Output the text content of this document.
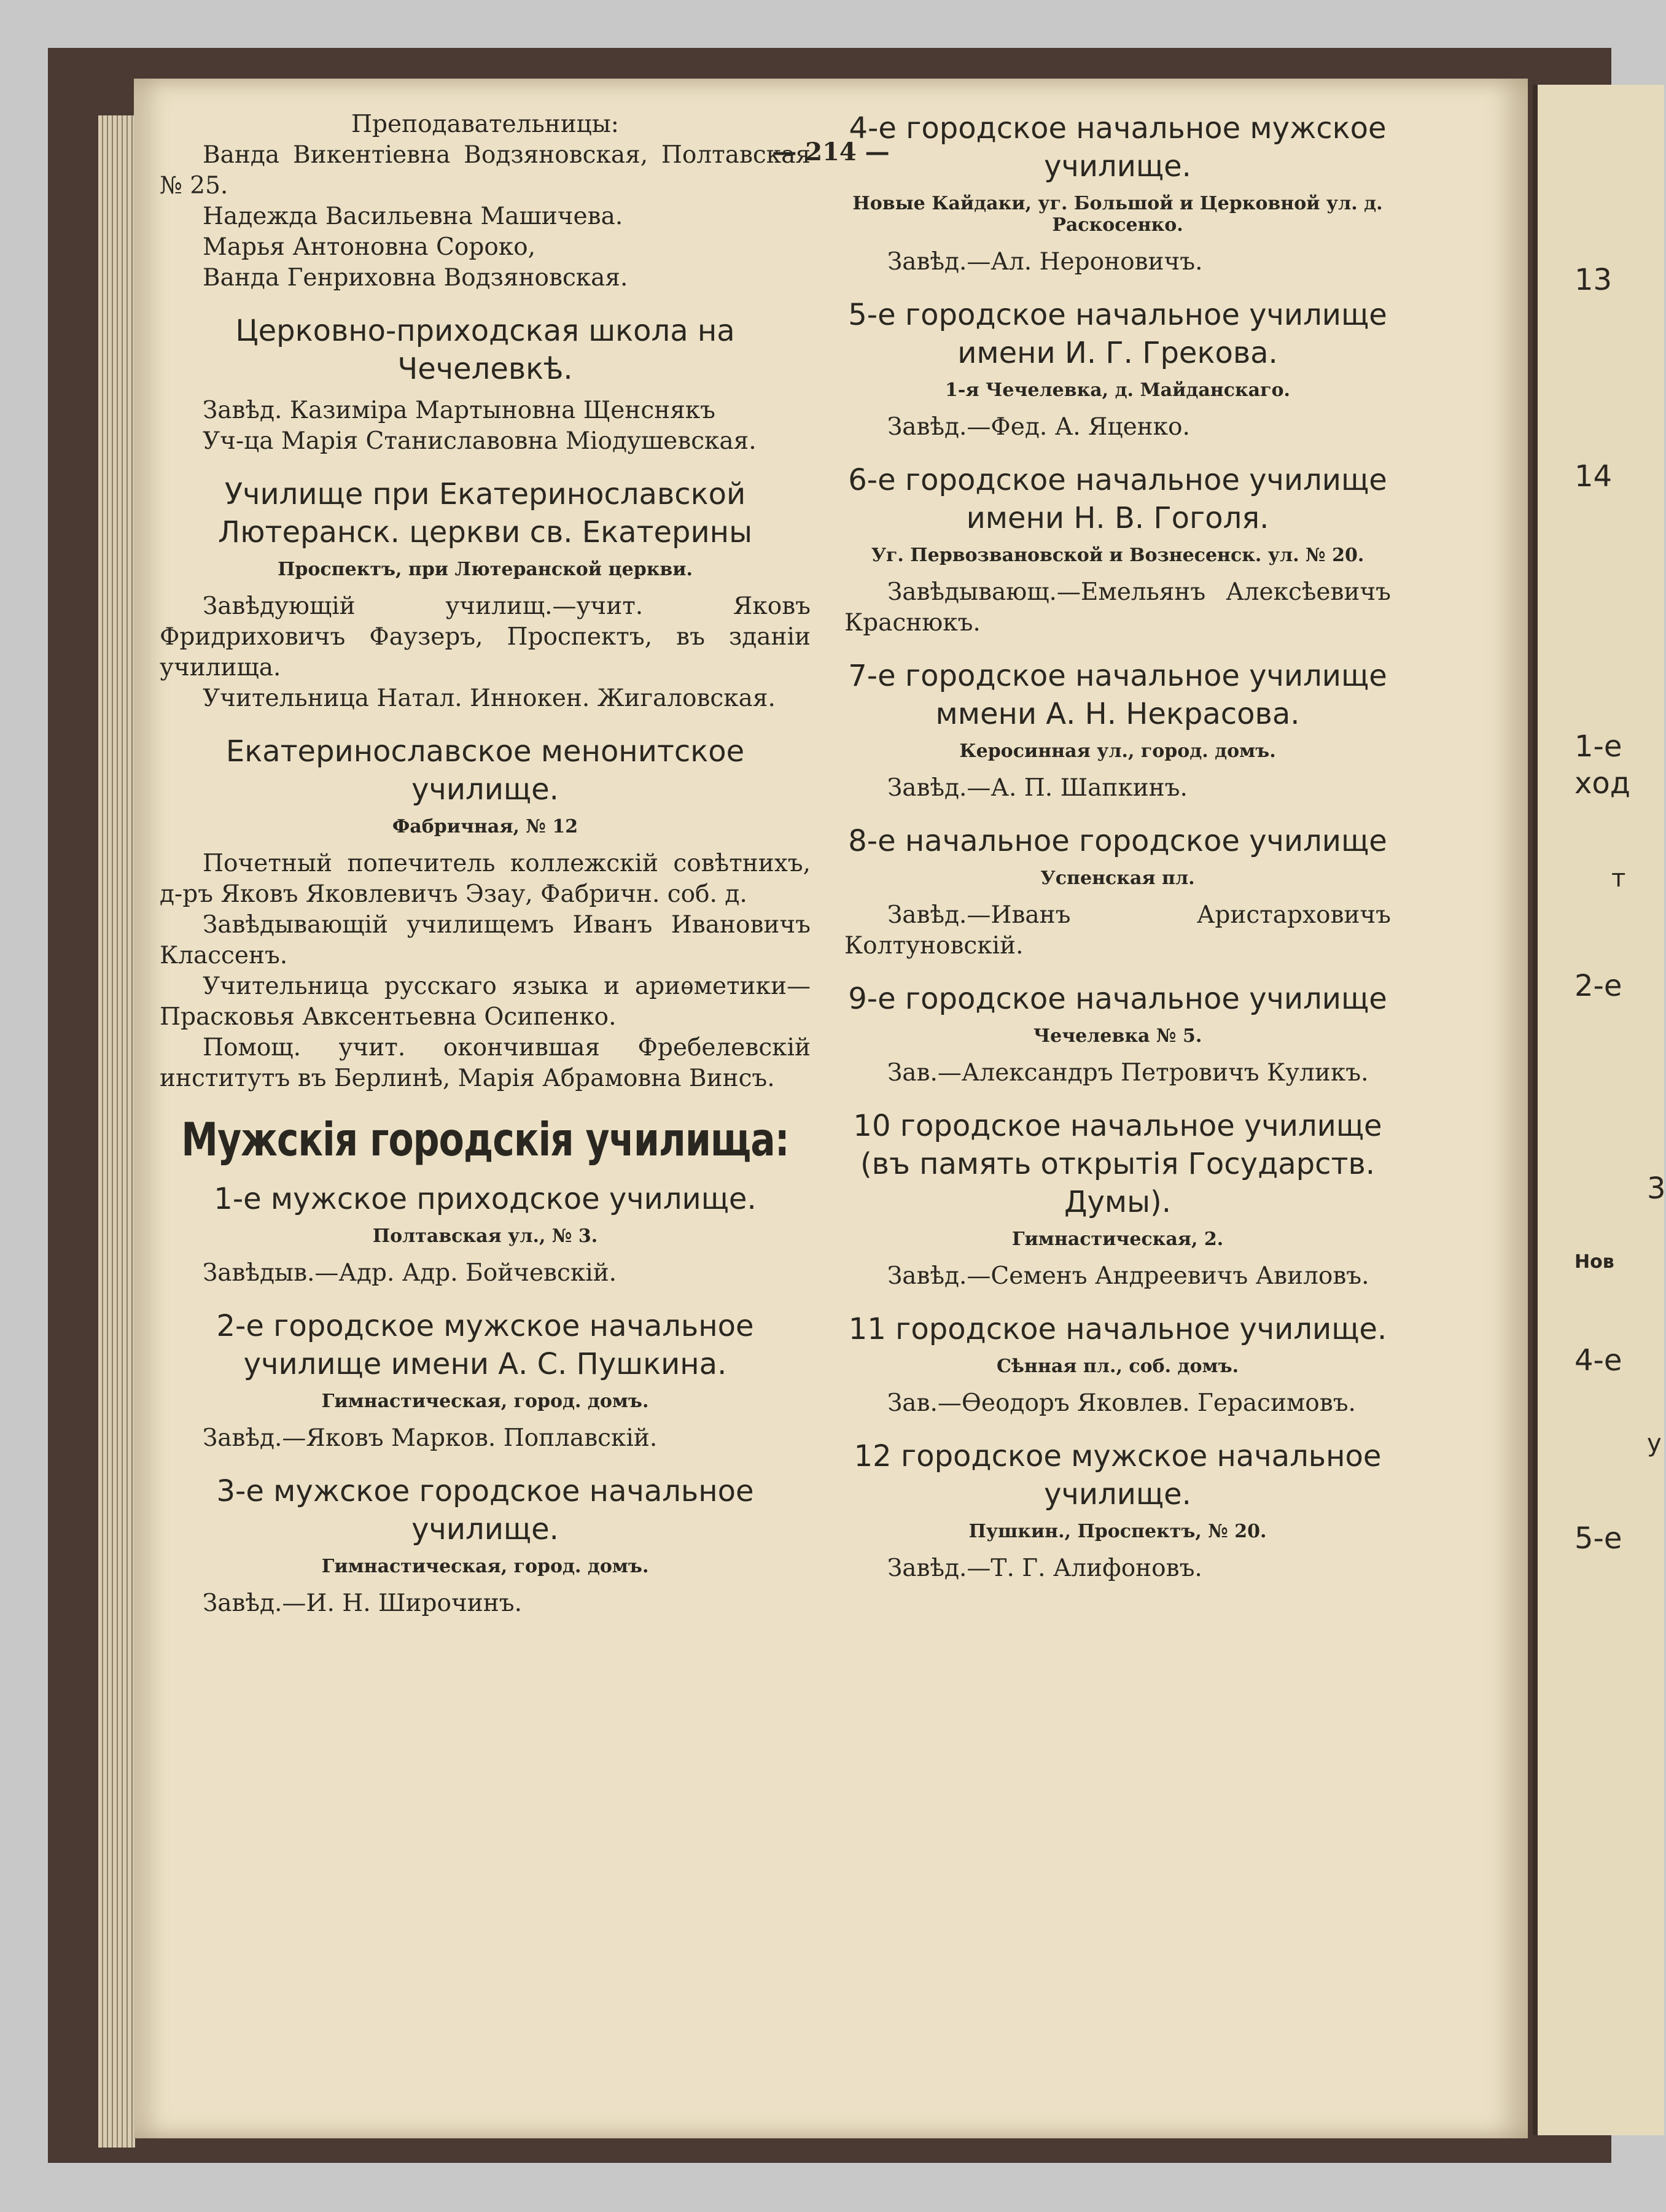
— 214 —
13
14
1-е
ход
т
2-е
3
Нов
4-е
у
5-е
Преподавательницы:
Ванда Викентiевна Водзяновская, Полтавская № 25.
Надежда Васильевна Машичева.
Марья Антоновна Сороко,
Ванда Генриховна Водзяновская.
Церковно-приходская школа на Чечелевкѣ.
Завѣд. Казимiра Мартыновна Щенснякъ
Уч-ца Марiя Станиславовна Мiодушевская.
Училище при Екатеринославской Лютеранск. церкви св. Екатерины
Проспектъ, при Лютеранской церкви.
Завѣдующiй училищ.—учит. Яковъ Фридриховичъ Фаузеръ, Проспектъ, въ зданiи училища.
Учительница Натал. Иннокен. Жигаловская.
Екатеринославское менонитское училище.
Фабричная, № 12
Почетный попечитель коллежскiй совѣтнихъ, д-ръ Яковъ Яковлевичъ Эзау, Фабричн. соб. д.
Завѣдывающiй училищемъ Иванъ Ивановичъ Классенъ.
Учительница русскаго языка и ариѳметики—Прасковья Авксентьевна Осипенко.
Помощ. учит. окончившая Фребелевскiй институтъ въ Берлинѣ, Марiя Абрамовна Винсъ.
Мужскiя городскiя училища:
1-е мужское приходское училище.
Полтавская ул., № 3.
Завѣдыв.—Адр. Адр. Бойчевскiй.
2-е городское мужское начальное училище имени А. С. Пушкина.
Гимнастическая, город. домъ.
Завѣд.—Яковъ Марков. Поплавскiй.
3-е мужское городское начальное училище.
Гимнастическая, город. домъ.
Завѣд.—И. Н. Широчинъ.
4-е городское начальное мужское училище.
Новые Кайдаки, уг. Большой и Церковной ул. д. Раскосенко.
Завѣд.—Ал. Нероновичъ.
5-е городское начальное училище имени И. Г. Грекова.
1-я Чечелевка, д. Майданскаго.
Завѣд.—Фед. А. Яценко.
6-е городское начальное училище имени Н. В. Гоголя.
Уг. Первозвановской и Вознесенск. ул. № 20.
Завѣдывающ.—Емельянъ Алексѣевичъ Краснюкъ.
7-е городское начальное училище ммени А. Н. Некрасова.
Керосинная ул., город. домъ.
Завѣд.—А. П. Шапкинъ.
8-е начальное городское училище
Успенская пл.
Завѣд.—Иванъ Аристарховичъ Колтуновскiй.
9-е городское начальное училище
Чечелевка № 5.
Зав.—Александръ Петровичъ Куликъ.
10 городское начальное училище (въ память открытiя Государств. Думы).
Гимнастическая, 2.
Завѣд.—Семенъ Андреевичъ Авиловъ.
11 городское начальное училище.
Сѣнная пл., соб. домъ.
Зав.—Ѳеодоръ Яковлев. Герасимовъ.
12 городское мужское начальное училище.
Пушкин., Проспектъ, № 20.
Завѣд.—Т. Г. Алифоновъ.
